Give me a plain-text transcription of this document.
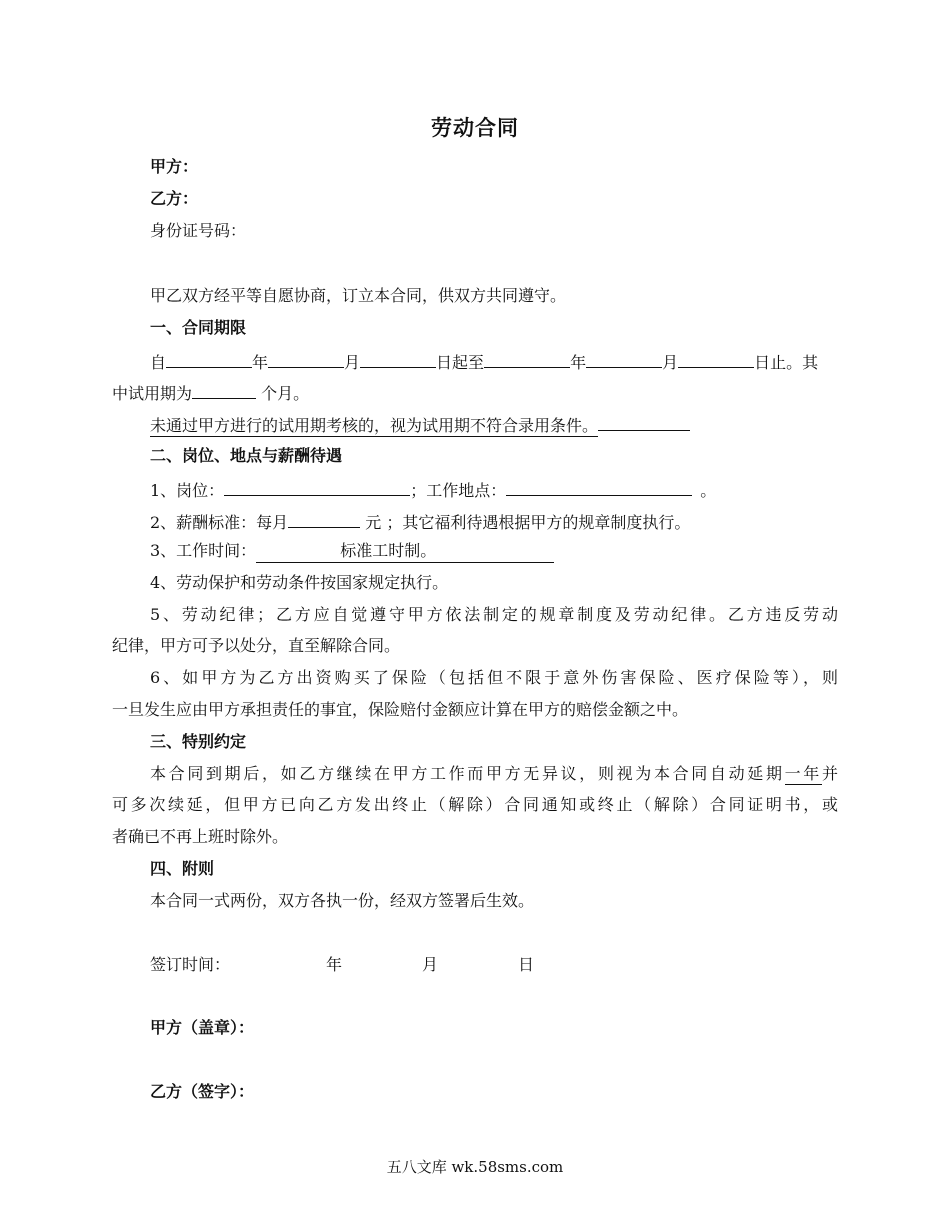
劳动合同
甲方：
乙方：
身份证号码：
甲乙双方经平等自愿协商，订立本合同，供双方共同遵守。
一、合同期限
自	年	月	日起至	年	月	日止。其
中试用期为	个月。
未通过甲方进行的试用期考核的，视为试用期不符合录用条件。
二、岗位、地点与薪酬待遇
1、岗位：	；工作地点：	。
2、薪酬标准：每月	元 ；其它福利待遇根据甲方的规章制度执行。
3、工作时间：	标准工时制。
4、劳动保护和劳动条件按国家规定执行。
5、劳动纪律；乙方应自觉遵守甲方依法制定的规章制度及劳动纪律。乙方违反劳动
纪律，甲方可予以处分，直至解除合同。
6、如甲方为乙方出资购买了保险（包括但不限于意外伤害保险、医疗保险等），则
一旦发生应由甲方承担责任的事宜，保险赔付金额应计算在甲方的赔偿金额之中。
三、特别约定
本合同到期后，如乙方继续在甲方工作而甲方无异议，则视为本合同自动延期一年并
可多次续延，但甲方已向乙方发出终止（解除）合同通知或终止（解除）合同证明书，或
者确已不再上班时除外。
四、附则
本合同一式两份，双方各执一份，经双方签署后生效。
签订时间：	年	月	日
甲方（盖章）：
乙方（签字）：
五八文库 wk.58sms.com
